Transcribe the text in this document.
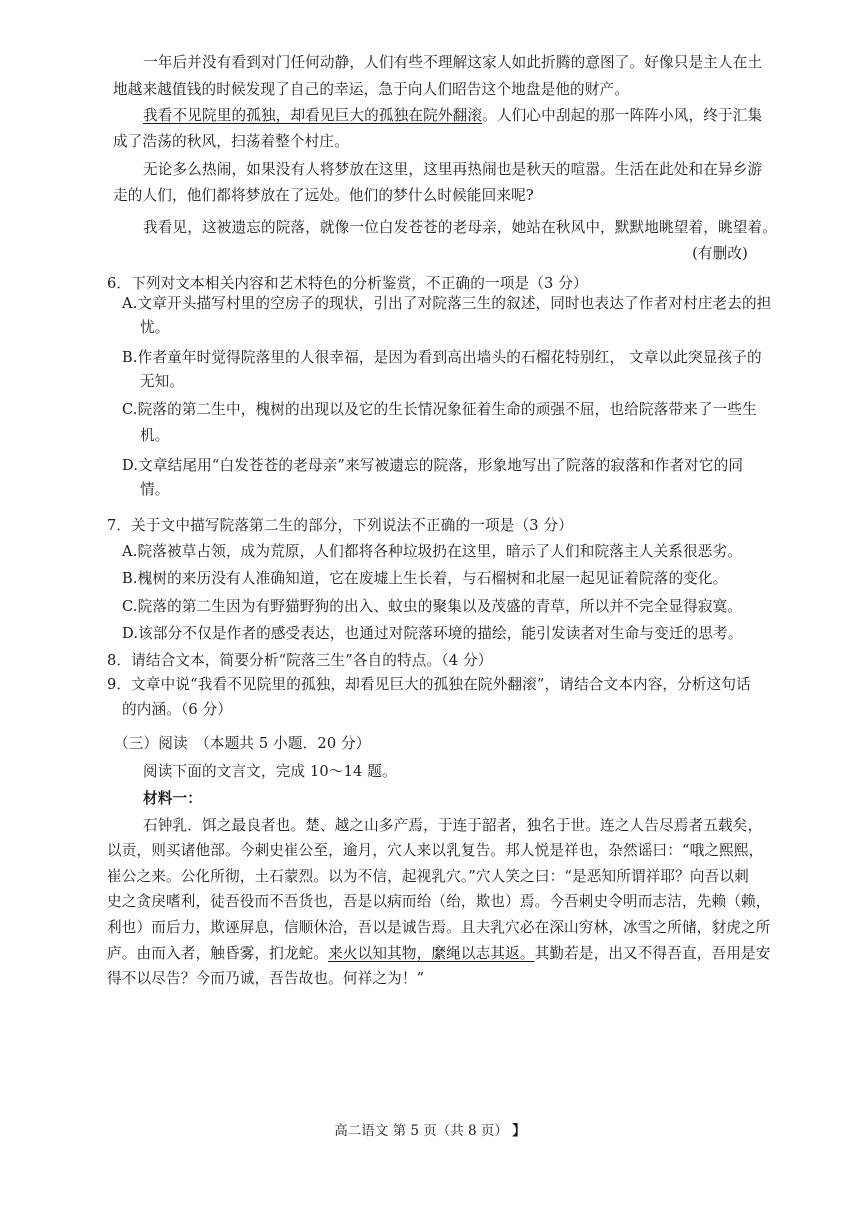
一年后并没有看到对门任何动静，人们有些不理解这家人如此折腾的意图了。好像只是主人在土
地越来越值钱的时候发现了自己的幸运，急于向人们昭告这个地盘是他的财产。
我看不见院里的孤独，却看见巨大的孤独在院外翻滚。人们心中刮起的那一阵阵小风，终于汇集
成了浩荡的秋风，扫荡着整个村庄。
无论多么热闹，如果没有人将梦放在这里，这里再热闹也是秋天的喧嚣。生活在此处和在异乡游
走的人们，他们都将梦放在了远处。他们的梦什么时候能回来呢?
我看见，这被遗忘的院落，就像一位白发苍苍的老母亲，她站在秋风中，默默地眺望着，眺望着。
(有删改)
6．下列对文本相关内容和艺术特色的分析鉴赏，不正确的一项是（3 分）
A.文章开头描写村里的空房子的现状，引出了对院落三生的叙述，同时也表达了作者对村庄老去的担
忧。
B.作者童年时觉得院落里的人很幸福，是因为看到高出墙头的石榴花特别红， 文章以此突显孩子的
无知。
C.院落的第二生中，槐树的出现以及它的生长情况象征着生命的顽强不屈，也给院落带来了一些生
机。
D.文章结尾用“白发苍苍的老母亲”来写被遗忘的院落，形象地写出了院落的寂落和作者对它的同
情。
7．关于文中描写院落第二生的部分，下列说法不正确的一项是（3 分）
A.院落被草占领，成为荒原，人们都将各种垃圾扔在这里，暗示了人们和院落主人关系很恶劣。
B.槐树的来历没有人准确知道，它在废墟上生长着，与石榴树和北屋一起见证着院落的变化。
C.院落的第二生因为有野猫野狗的出入、蚊虫的聚集以及茂盛的青草，所以并不完全显得寂寞。
D.该部分不仅是作者的感受表达，也通过对院落环境的描绘，能引发读者对生命与变迁的思考。
8．请结合文本，简要分析“院落三生”各自的特点。（4 分）
9．文章中说“我看不见院里的孤独，却看见巨大的孤独在院外翻滚”，请结合文本内容，分析这句话
的内涵。（6 分）
（三）阅读　（本题共 5 小题．20 分）
阅读下面的文言文，完成 10～14 题。
材料一：
石钟乳．饵之最良者也。楚、越之山多产焉，于连于韶者，独名于世。连之人告尽焉者五载矣，
以贡，则买诸他部。今刺史崔公至，逾月，穴人来以乳复告。邦人悦是祥也，杂然谣曰：“哦之熙熙，
崔公之来。公化所彻，土石蒙烈。以为不信，起视乳穴。”穴人笑之曰：“是恶知所谓祥耶？向吾以刺
史之贪戾嗜利，徒吾役而不吾货也，吾是以病而绐（绐，欺也）焉。今吾刺史令明而志洁，先赖（赖，
利也）而后力，欺诬屏息，信顺休洽，吾以是诚告焉。且夫乳穴必在深山穷林，冰雪之所储，豺虎之所
庐。由而入者，触昏雾，扪龙蛇。来火以知其物，縻绳以志其返。其勤若是，出又不得吾直，吾用是安
得不以尽告？今而乃诚，吾告故也。何祥之为！”
高二语文 第 5 页（共 8 页） 】
